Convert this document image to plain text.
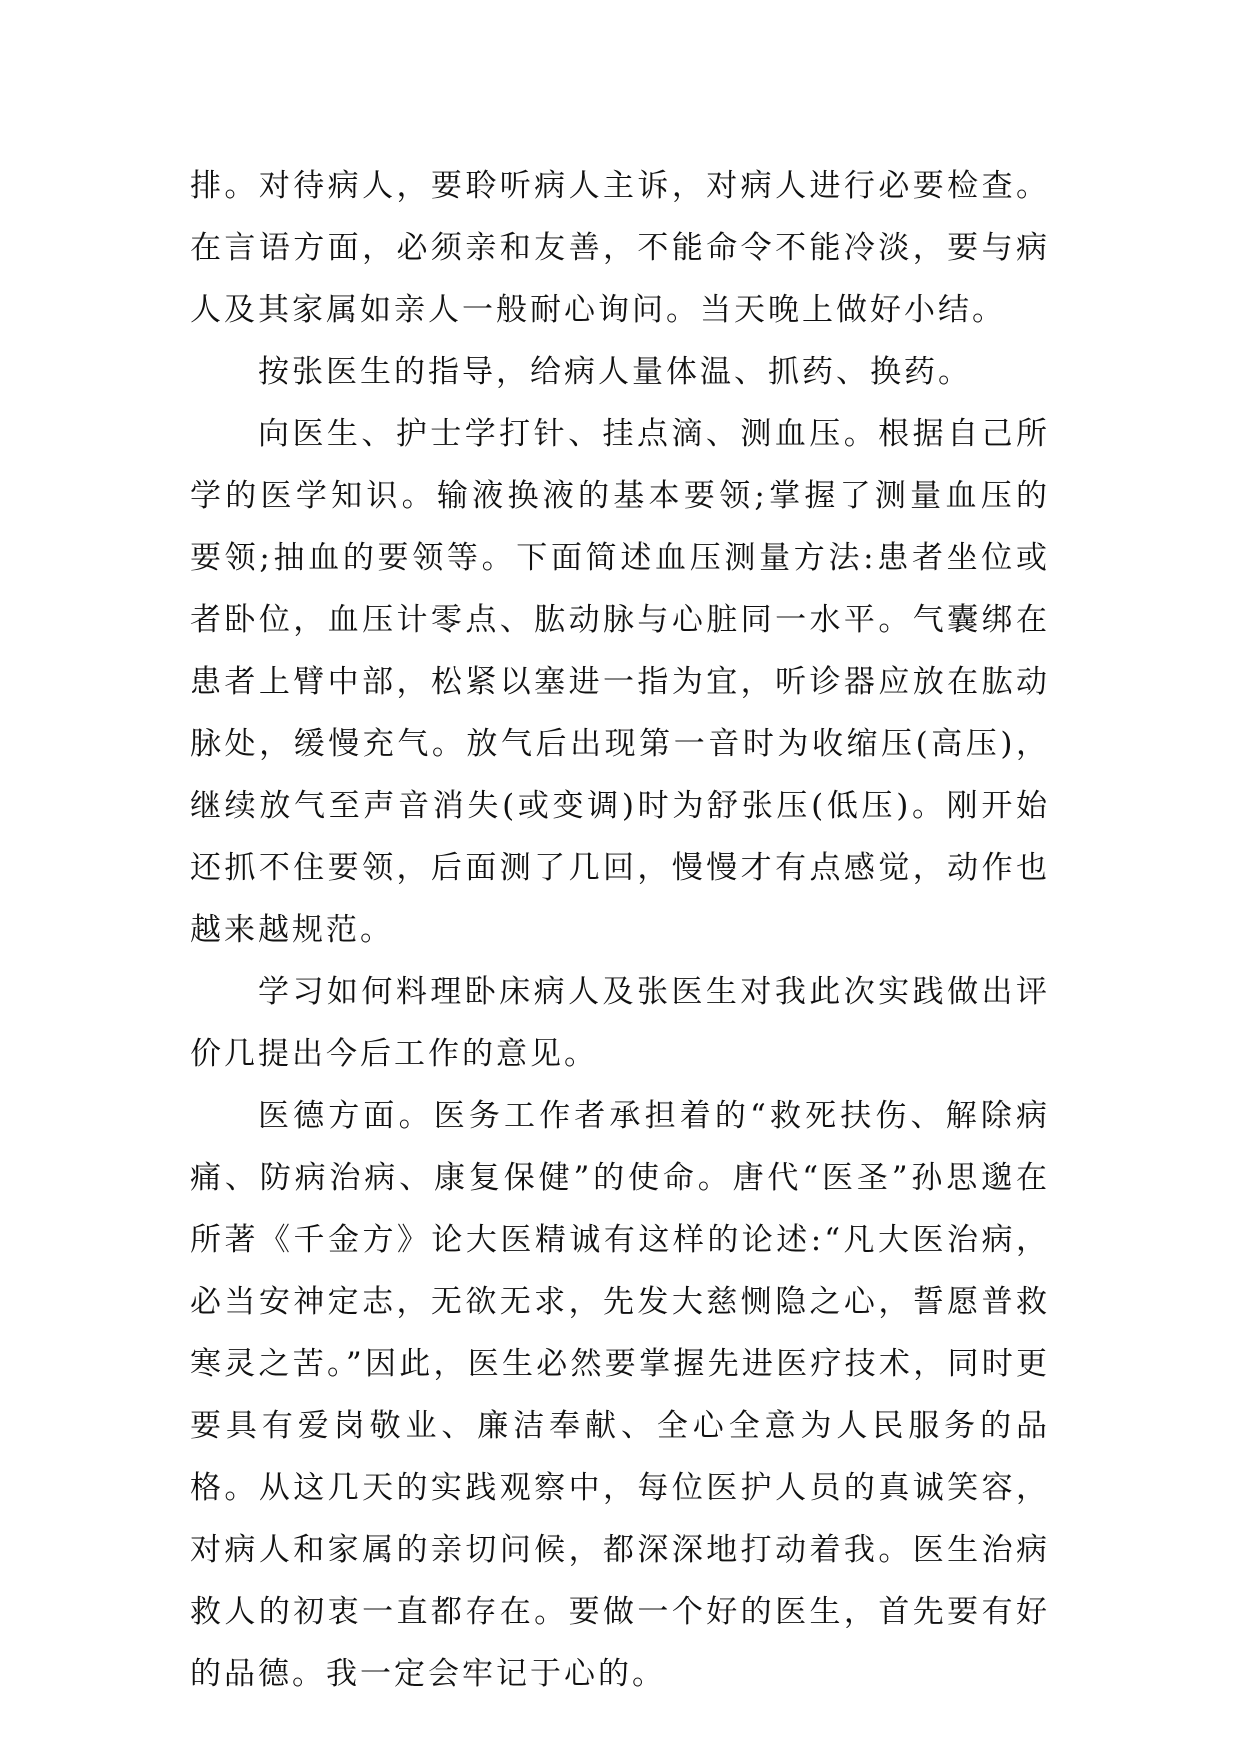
排。对待病人，要聆听病人主诉，对病人进行必要检查。在言语方面，必须亲和友善，不能命令不能冷淡，要与病人及其家属如亲人一般耐心询问。当天晚上做好小结。

按张医生的指导，给病人量体温、抓药、换药。

向医生、护士学打针、挂点滴、测血压。根据自己所学的医学知识。输液换液的基本要领;掌握了测量血压的要领;抽血的要领等。下面简述血压测量方法:患者坐位或者卧位，血压计零点、肱动脉与心脏同一水平。气囊绑在患者上臂中部，松紧以塞进一指为宜，听诊器应放在肱动脉处，缓慢充气。放气后出现第一音时为收缩压(高压)，继续放气至声音消失(或变调)时为舒张压(低压)。刚开始还抓不住要领，后面测了几回，慢慢才有点感觉，动作也越来越规范。

学习如何料理卧床病人及张医生对我此次实践做出评价几提出今后工作的意见。

医德方面。医务工作者承担着的“救死扶伤、解除病痛、防病治病、康复保健”的使命。唐代“医圣”孙思邈在所著《千金方》论大医精诚有这样的论述:“凡大医治病，必当安神定志，无欲无求，先发大慈恻隐之心，誓愿普救寒灵之苦。”因此，医生必然要掌握先进医疗技术，同时更要具有爱岗敬业、廉洁奉献、全心全意为人民服务的品格。从这几天的实践观察中，每位医护人员的真诚笑容，对病人和家属的亲切问候，都深深地打动着我。医生治病救人的初衷一直都存在。要做一个好的医生，首先要有好的品德。我一定会牢记于心的。
